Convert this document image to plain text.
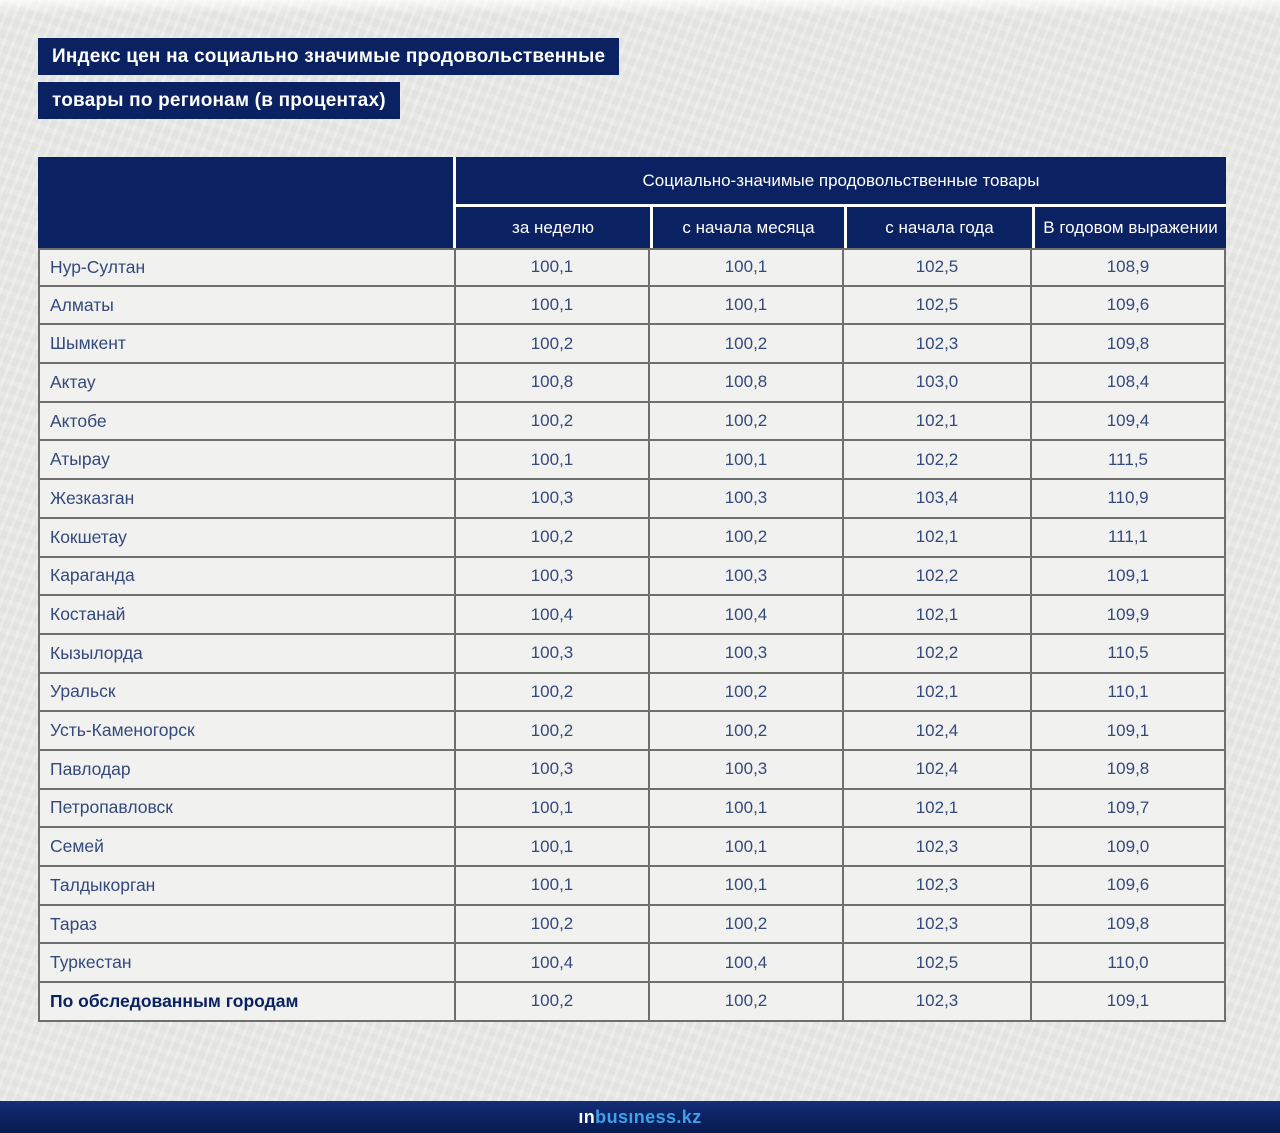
Индекс цен на социально значимые продовольственные
товары по регионам (в процентах)
	Социально-значимые продовольственные товары			
	за неделю	с начала месяца	с начала года	В годовом выражении
Нур-Султан	100,1	100,1	102,5	108,9
Алматы	100,1	100,1	102,5	109,6
Шымкент	100,2	100,2	102,3	109,8
Актау	100,8	100,8	103,0	108,4
Актобе	100,2	100,2	102,1	109,4
Атырау	100,1	100,1	102,2	111,5
Жезказган	100,3	100,3	103,4	110,9
Кокшетау	100,2	100,2	102,1	111,1
Караганда	100,3	100,3	102,2	109,1
Костанай	100,4	100,4	102,1	109,9
Кызылорда	100,3	100,3	102,2	110,5
Уральск	100,2	100,2	102,1	110,1
Усть-Каменогорск	100,2	100,2	102,4	109,1
Павлодар	100,3	100,3	102,4	109,8
Петропавловск	100,1	100,1	102,1	109,7
Семей	100,1	100,1	102,3	109,0
Талдыкорган	100,1	100,1	102,3	109,6
Тараз	100,2	100,2	102,3	109,8
Туркестан	100,4	100,4	102,5	110,0
По обследованным городам	100,2	100,2	102,3	109,1
ınbusıness.kz
